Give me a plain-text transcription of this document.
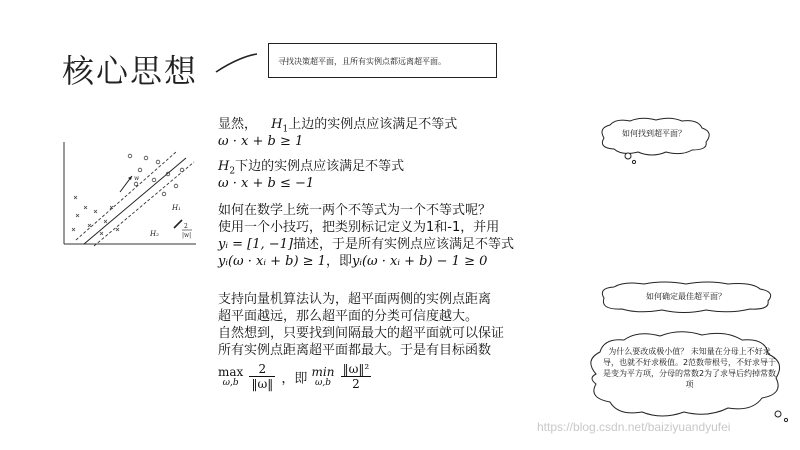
核心思想	寻找决策超平面，且所有实例点都远离超平面。
H₁
H₂
w
2
|w|
显然， $H_1$上边的实例点应该满足不等式
ω · x + b ≥ 1
$H_2$下边的实例点应该满足不等式
ω · x + b ≤ −1
如何在数学上统一两个不等式为一个不等式呢？
使用一个小技巧，把类别标记定义为1和-1，并用
yᵢ = [1, −1]描述，于是所有实例点应该满足不等式
yᵢ(ω · xᵢ + b) ≥ 1，即yᵢ(ω · xᵢ + b) − 1 ≥ 0
支持向量机算法认为，超平面两侧的实例点距离
超平面越远，那么超平面的分类可信度越大。
自然想到，只要找到间隔最大的超平面就可以保证
所有实例点距离超平面都最大。于是有目标函数
max
ω,b
$\frac{2}{‖\omega‖}$ ，即 min
ω,b
$\frac{\text{‖ω‖²}}{2}$
如何找到超平面？
如何确定最佳超平面？
为什么要改成极小值？ 未知量在分母上不好求导，也就不好求极值。2范数带根号，不好求导于是变为平方项，分母的常数2为了求导后约掉常数项
https://blog.csdn.net/baiziyuandyufei
